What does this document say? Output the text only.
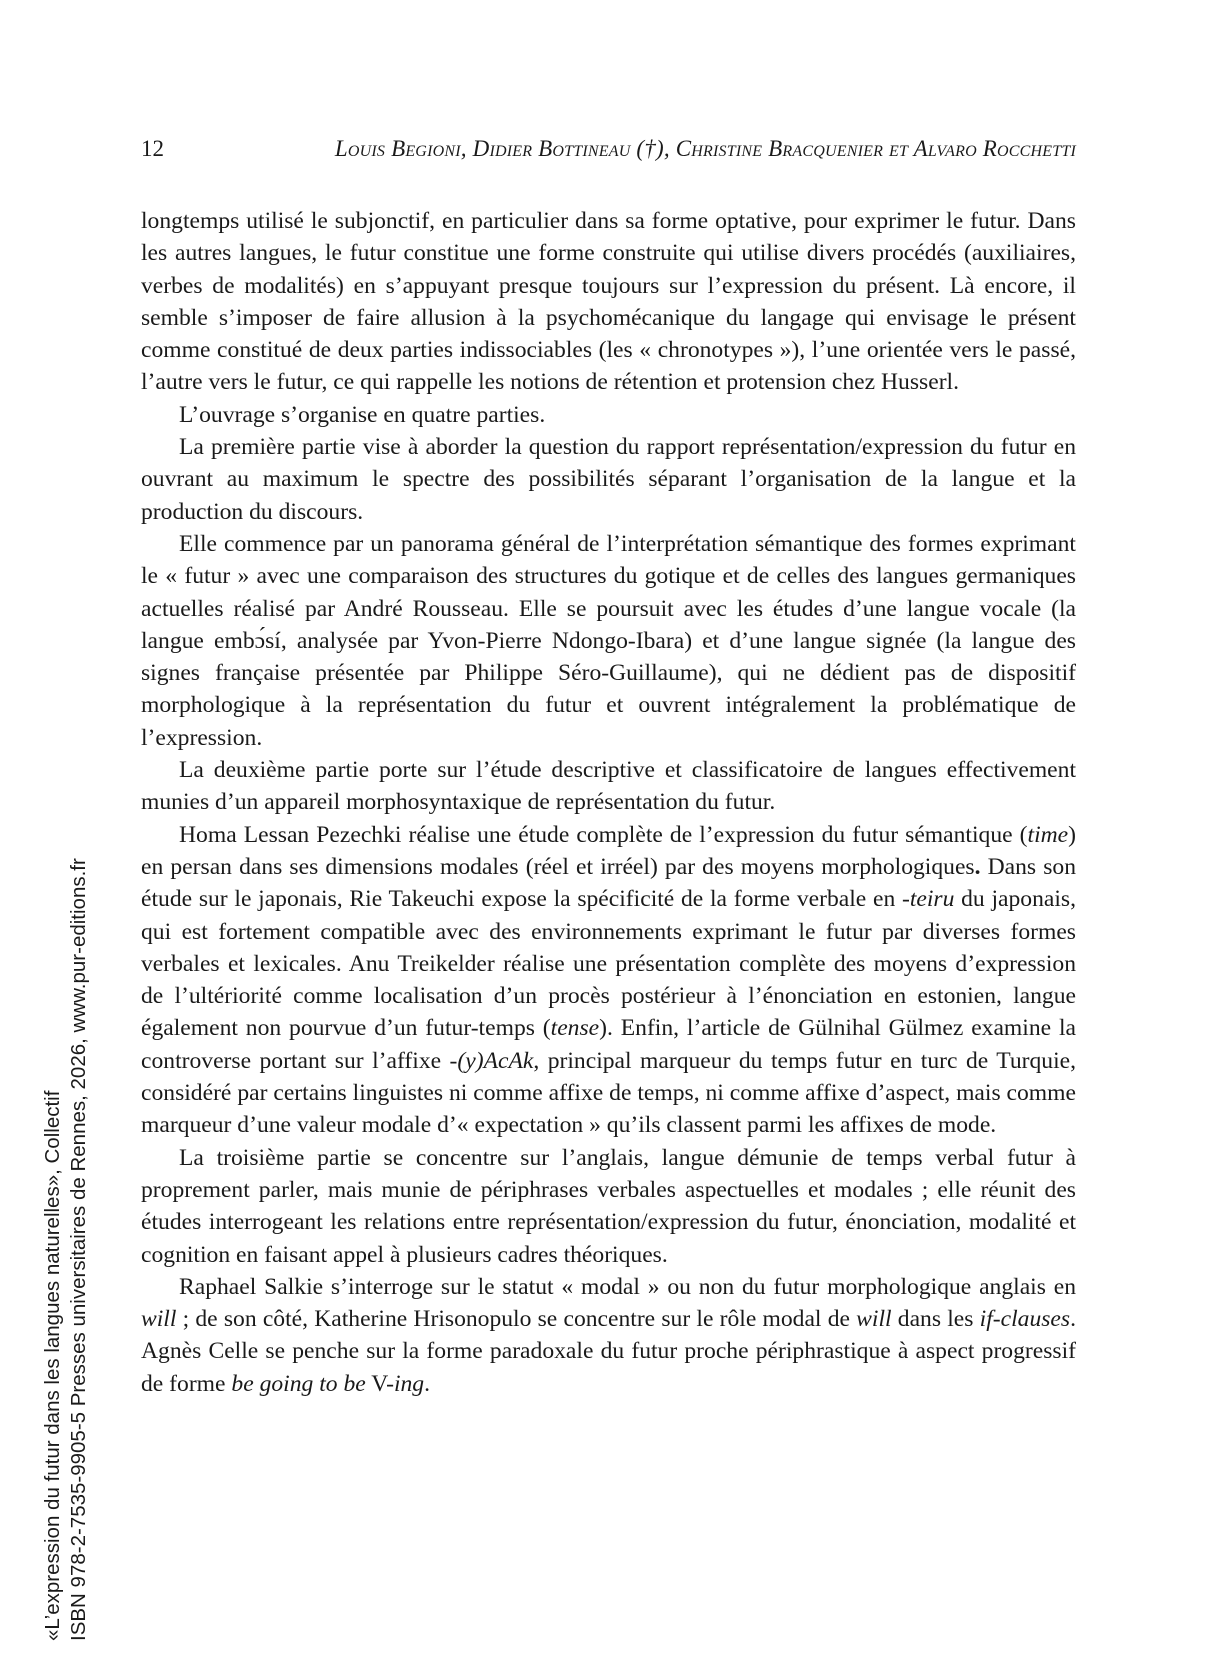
12	Louis Begioni, Didier Bottineau (†), Christine Bracquenier et Alvaro Rocchetti

longtemps utilisé le subjonctif, en particulier dans sa forme optative, pour exprimer le futur. Dans les autres langues, le futur constitue une forme construite qui utilise divers procédés (auxiliaires, verbes de modalités) en s’appuyant presque toujours sur l’expression du présent. Là encore, il semble s’imposer de faire allusion à la psychomécanique du langage qui envisage le présent comme constitué de deux parties indissociables (les « chronotypes »), l’une orientée vers le passé, l’autre vers le futur, ce qui rappelle les notions de rétention et protension chez Husserl.

L’ouvrage s’organise en quatre parties.

La première partie vise à aborder la question du rapport représentation/expression du futur en ouvrant au maximum le spectre des possibilités séparant l’organisation de la langue et la production du discours.

Elle commence par un panorama général de l’interprétation sémantique des formes exprimant le « futur » avec une comparaison des structures du gotique et de celles des langues germaniques actuelles réalisé par André Rousseau. Elle se poursuit avec les études d’une langue vocale (la langue embɔ́sí, analysée par Yvon-Pierre Ndongo-Ibara) et d’une langue signée (la langue des signes française présentée par Philippe Séro-Guillaume), qui ne dédient pas de dispositif morphologique à la représentation du futur et ouvrent intégralement la problématique de l’expression.

La deuxième partie porte sur l’étude descriptive et classificatoire de langues effectivement munies d’un appareil morphosyntaxique de représentation du futur.

Homa Lessan Pezechki réalise une étude complète de l’expression du futur sémantique (time) en persan dans ses dimensions modales (réel et irréel) par des moyens morphologiques. Dans son étude sur le japonais, Rie Takeuchi expose la spécificité de la forme verbale en -teiru du japonais, qui est fortement compatible avec des environnements exprimant le futur par diverses formes verbales et lexicales. Anu Treikelder réalise une présentation complète des moyens d’expression de l’ultériorité comme localisation d’un procès postérieur à l’énonciation en estonien, langue également non pourvue d’un futur-temps (tense). Enfin, l’article de Gülnihal Gülmez examine la controverse portant sur l’affixe -(y)AcAk, principal marqueur du temps futur en turc de Turquie, considéré par certains linguistes ni comme affixe de temps, ni comme affixe d’aspect, mais comme marqueur d’une valeur modale d’« expectation » qu’ils classent parmi les affixes de mode.

La troisième partie se concentre sur l’anglais, langue démunie de temps verbal futur à proprement parler, mais munie de périphrases verbales aspectuelles et modales ; elle réunit des études interrogeant les relations entre représentation/expression du futur, énonciation, modalité et cognition en faisant appel à plusieurs cadres théoriques.

Raphael Salkie s’interroge sur le statut « modal » ou non du futur morphologique anglais en will ; de son côté, Katherine Hrisonopulo se concentre sur le rôle modal de will dans les if-clauses. Agnès Celle se penche sur la forme paradoxale du futur proche périphrastique à aspect progressif de forme be going to be V-ing.

«L’expression du futur dans les langues naturelles», Collectif ISBN 978-2-7535-9905-5 Presses universitaires de Rennes, 2026, www.pur-editions.fr
